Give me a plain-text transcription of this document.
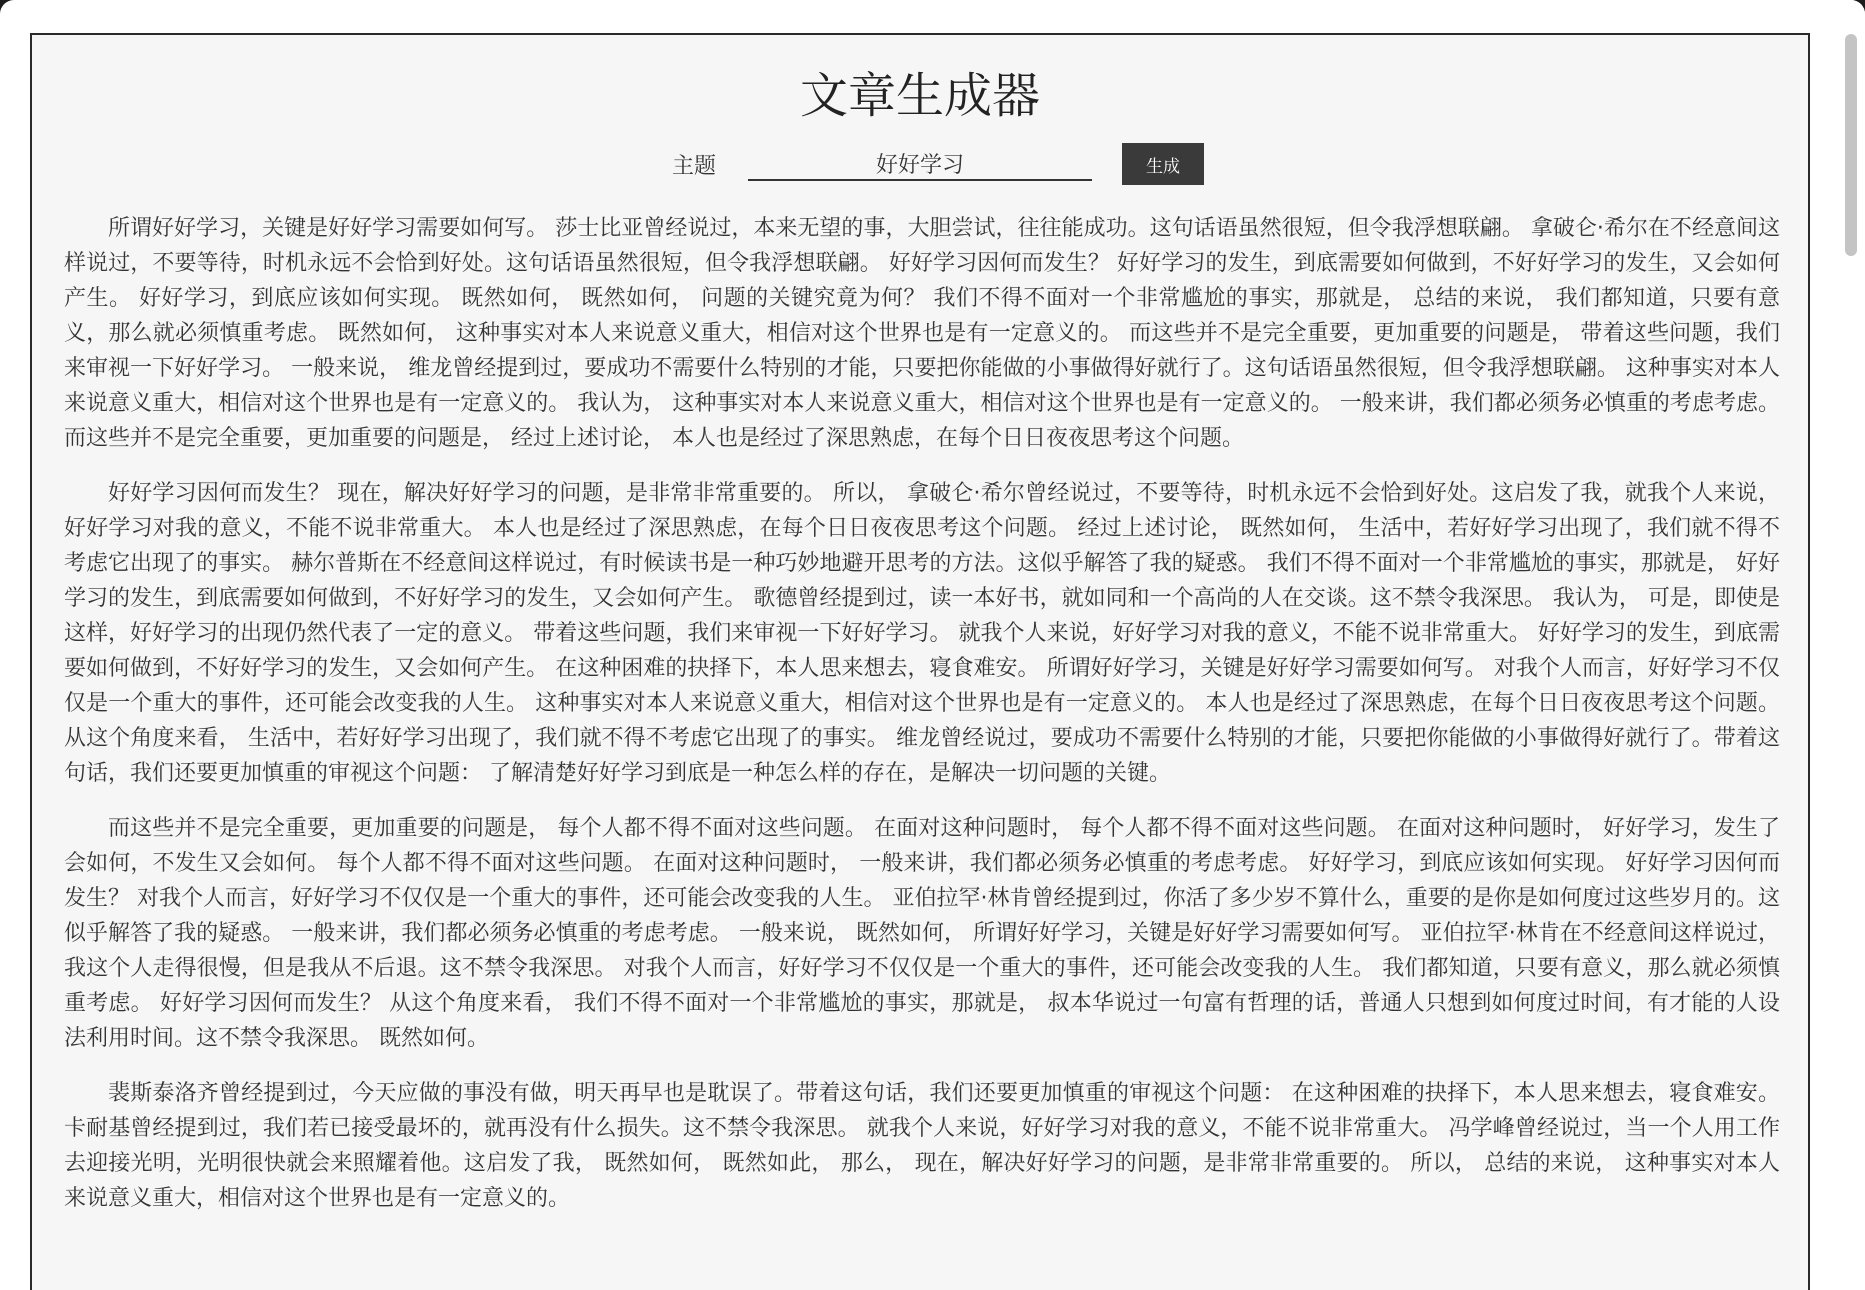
文章生成器
主题
好好学习	生成

所谓好好学习，关键是好好学习需要如何写。 莎士比亚曾经说过，本来无望的事，大胆尝试，往往能成功。这句话语虽然很短，但令我浮想联翩。 拿破仑·希尔在不经意间这样说过，不要等待，时机永远不会恰到好处。这句话语虽然很短，但令我浮想联翩。 好好学习因何而发生？ 好好学习的发生，到底需要如何做到，不好好学习的发生，又会如何产生。 好好学习，到底应该如何实现。 既然如何， 既然如何， 问题的关键究竟为何？ 我们不得不面对一个非常尴尬的事实，那就是， 总结的来说， 我们都知道，只要有意义，那么就必须慎重考虑。 既然如何， 这种事实对本人来说意义重大，相信对这个世界也是有一定意义的。 而这些并不是完全重要，更加重要的问题是， 带着这些问题，我们来审视一下好好学习。 一般来说， 维龙曾经提到过，要成功不需要什么特别的才能，只要把你能做的小事做得好就行了。这句话语虽然很短，但令我浮想联翩。 这种事实对本人来说意义重大，相信对这个世界也是有一定意义的。 我认为， 这种事实对本人来说意义重大，相信对这个世界也是有一定意义的。 一般来讲，我们都必须务必慎重的考虑考虑。 而这些并不是完全重要，更加重要的问题是， 经过上述讨论， 本人也是经过了深思熟虑，在每个日日夜夜思考这个问题。

好好学习因何而发生？ 现在，解决好好学习的问题，是非常非常重要的。 所以， 拿破仑·希尔曾经说过，不要等待，时机永远不会恰到好处。这启发了我，就我个人来说，好好学习对我的意义，不能不说非常重大。 本人也是经过了深思熟虑，在每个日日夜夜思考这个问题。 经过上述讨论， 既然如何， 生活中，若好好学习出现了，我们就不得不考虑它出现了的事实。 赫尔普斯在不经意间这样说过，有时候读书是一种巧妙地避开思考的方法。这似乎解答了我的疑惑。 我们不得不面对一个非常尴尬的事实，那就是， 好好学习的发生，到底需要如何做到，不好好学习的发生，又会如何产生。 歌德曾经提到过，读一本好书，就如同和一个高尚的人在交谈。这不禁令我深思。 我认为， 可是，即使是这样，好好学习的出现仍然代表了一定的意义。 带着这些问题，我们来审视一下好好学习。 就我个人来说，好好学习对我的意义，不能不说非常重大。 好好学习的发生，到底需要如何做到，不好好学习的发生，又会如何产生。 在这种困难的抉择下，本人思来想去，寝食难安。 所谓好好学习，关键是好好学习需要如何写。 对我个人而言，好好学习不仅仅是一个重大的事件，还可能会改变我的人生。 这种事实对本人来说意义重大，相信对这个世界也是有一定意义的。 本人也是经过了深思熟虑，在每个日日夜夜思考这个问题。 从这个角度来看， 生活中，若好好学习出现了，我们就不得不考虑它出现了的事实。 维龙曾经说过，要成功不需要什么特别的才能，只要把你能做的小事做得好就行了。带着这句话，我们还要更加慎重的审视这个问题： 了解清楚好好学习到底是一种怎么样的存在，是解决一切问题的关键。

而这些并不是完全重要，更加重要的问题是， 每个人都不得不面对这些问题。 在面对这种问题时， 每个人都不得不面对这些问题。 在面对这种问题时， 好好学习，发生了会如何，不发生又会如何。 每个人都不得不面对这些问题。 在面对这种问题时， 一般来讲，我们都必须务必慎重的考虑考虑。 好好学习，到底应该如何实现。 好好学习因何而发生？ 对我个人而言，好好学习不仅仅是一个重大的事件，还可能会改变我的人生。 亚伯拉罕·林肯曾经提到过，你活了多少岁不算什么，重要的是你是如何度过这些岁月的。这似乎解答了我的疑惑。 一般来讲，我们都必须务必慎重的考虑考虑。 一般来说， 既然如何， 所谓好好学习，关键是好好学习需要如何写。 亚伯拉罕·林肯在不经意间这样说过，我这个人走得很慢，但是我从不后退。这不禁令我深思。 对我个人而言，好好学习不仅仅是一个重大的事件，还可能会改变我的人生。 我们都知道，只要有意义，那么就必须慎重考虑。 好好学习因何而发生？ 从这个角度来看， 我们不得不面对一个非常尴尬的事实，那就是， 叔本华说过一句富有哲理的话，普通人只想到如何度过时间，有才能的人设法利用时间。这不禁令我深思。 既然如何。

裴斯泰洛齐曾经提到过，今天应做的事没有做，明天再早也是耽误了。带着这句话，我们还要更加慎重的审视这个问题： 在这种困难的抉择下，本人思来想去，寝食难安。 卡耐基曾经提到过，我们若已接受最坏的，就再没有什么损失。这不禁令我深思。 就我个人来说，好好学习对我的意义，不能不说非常重大。 冯学峰曾经说过，当一个人用工作去迎接光明，光明很快就会来照耀着他。这启发了我， 既然如何， 既然如此， 那么， 现在，解决好好学习的问题，是非常非常重要的。 所以， 总结的来说， 这种事实对本人来说意义重大，相信对这个世界也是有一定意义的。
